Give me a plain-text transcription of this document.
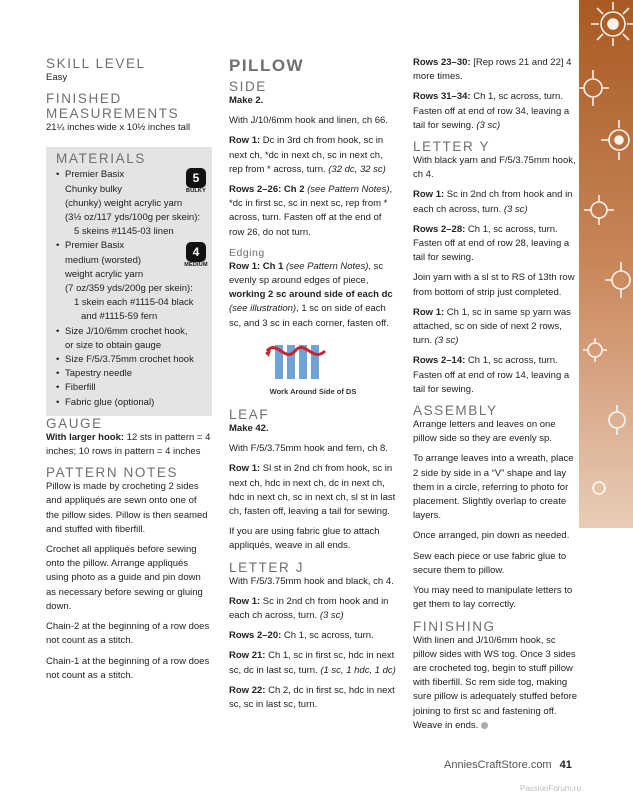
SKILL LEVEL

Easy

FINISHED
MEASUREMENTS

21¼ inches wide x 10½ inches tall

MATERIALS
• 5
BULKY
Premier Basix
Chunky bulky
(chunky) weight acrylic yarn
(3½ oz/117 yds/100g per skein):
5 skeins #1145-03 linen
• 4
MEDIUM
Premier Basix
medium (worsted)
weight acrylic yarn
(7 oz/359 yds/200g per skein):
1 skein each #1115-04 black
and #1115-59 fern
• Size J/10/6mm crochet hook,
or size to obtain gauge
• Size F/5/3.75mm crochet hook
• Tapestry needle
• Fiberfill
• Fabric glue (optional)
GAUGE

With larger hook: 12 sts in pattern = 4 inches; 10 rows in pattern = 4 inches

PATTERN NOTES

Pillow is made by crocheting 2 sides and appliqués are sewn onto one of the pillow sides. Pillow is then seamed and stuffed with fiberfill.

Crochet all appliqués before sewing onto the pillow. Arrange appliqués using photo as a guide and pin down as necessary before sewing or gluing down.

Chain-2 at the beginning of a row does not count as a stitch.

Chain-1 at the beginning of a row does not count as a stitch.

PILLOW
SIDE

Make 2.

With J/10/6mm hook and linen, ch 66.

Row 1: Dc in 3rd ch from hook, sc in next ch, *dc in next ch, sc in next ch, rep from * across, turn. (32 dc, 32 sc)

Rows 2–26: Ch 2 (see Pattern Notes), *dc in first sc, sc in next sc, rep from * across, turn. Fasten off at the end of row 26, do not turn.

Edging

Row 1: Ch 1 (see Pattern Notes), sc evenly sp around edges of piece, working 2 sc around side of each dc (see illustration), 1 sc on side of each sc, and 3 sc in each corner, fasten off.

Work Around Side of DS
LEAF

Make 42.

With F/5/3.75mm hook and fern, ch 8.

Row 1: Sl st in 2nd ch from hook, sc in next ch, hdc in next ch, dc in next ch, hdc in next ch, sc in next ch, sl st in last ch, fasten off, leaving a tail for sewing.

If you are using fabric glue to attach appliqués, weave in all ends.

LETTER J

With F/5/3.75mm hook and black, ch 4.

Row 1: Sc in 2nd ch from hook and in each ch across, turn. (3 sc)

Rows 2–20: Ch 1, sc across, turn.

Row 21: Ch 1, sc in first sc, hdc in next sc, dc in last sc, turn. (1 sc, 1 hdc, 1 dc)

Row 22: Ch 2, dc in first sc, hdc in next sc, sc in last sc, turn.

Rows 23–30: [Rep rows 21 and 22] 4 more times.

Rows 31–34: Ch 1, sc across, turn. Fasten off at end of row 34, leaving a tail for sewing. (3 sc)

LETTER Y

With black yarn and F/5/3.75mm hook, ch 4.

Row 1: Sc in 2nd ch from hook and in each ch across, turn. (3 sc)

Rows 2–28: Ch 1, sc across, turn. Fasten off at end of row 28, leaving a tail for sewing.

Join yarn with a sl st to RS of 13th row from bottom of strip just completed.

Row 1: Ch 1, sc in same sp yarn was attached, sc on side of next 2 rows, turn. (3 sc)

Rows 2–14: Ch 1, sc across, turn. Fasten off at end of row 14, leaving a tail for sewing.

ASSEMBLY

Arrange letters and leaves on one pillow side so they are evenly sp.

To arrange leaves into a wreath, place 2 side by side in a “V” shape and lay them in a circle, referring to photo for placement. Slightly overlap to create layers.

Once arranged, pin down as needed.

Sew each piece or use fabric glue to secure them to pillow.

You may need to manipulate letters to get them to lay correctly.

FINISHING

With linen and J/10/6mm hook, sc pillow sides with WS tog. Once 3 sides are crocheted tog, begin to stuff pillow with fiberfill. Sc rem side tog, making sure pillow is adequately stuffed before joining to first sc and fastening off. Weave in ends.

AnniesCraftStore.com 41
PassionForum.ru
